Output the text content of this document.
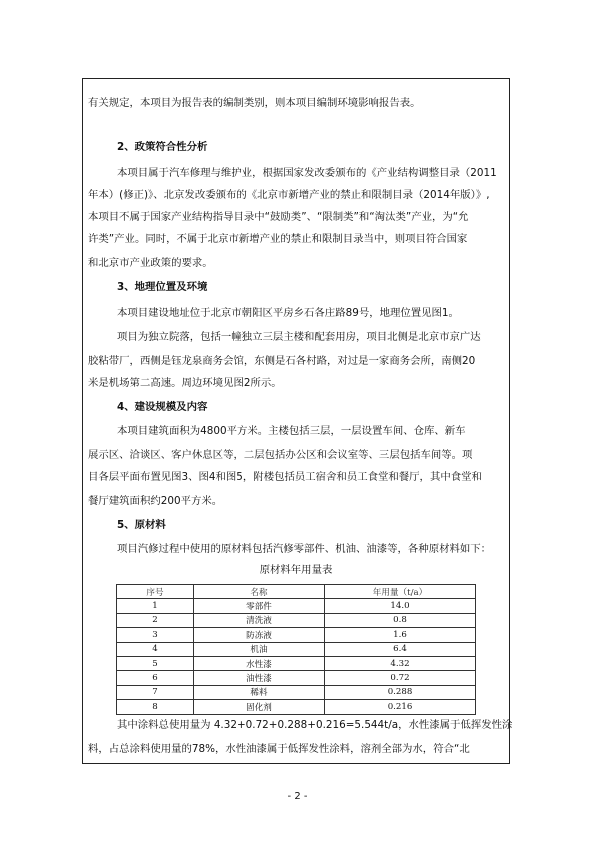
有关规定，本项目为报告表的编制类别，则本项目编制环境影响报告表。
2、政策符合性分析
本项目属于汽车修理与维护业，根据国家发改委颁布的《产业结构调整目录（2011
年本）(修正)》、北京发改委颁布的《北京市新增产业的禁止和限制目录（2014年版）》,
本项目不属于国家产业结构指导目录中“鼓励类”、“限制类”和“淘汰类”产业，为“允
许类”产业。同时，不属于北京市新增产业的禁止和限制目录当中，则项目符合国家
和北京市产业政策的要求。
3、地理位置及环境
本项目建设地址位于北京市朝阳区平房乡石各庄路89号，地理位置见图1。
项目为独立院落，包括一幢独立三层主楼和配套用房，项目北侧是北京市京广达
胶粘带厂，西侧是钰龙泉商务会馆，东侧是石各村路，对过是一家商务会所，南侧20
米是机场第二高速。周边环境见图2所示。
4、建设规模及内容
本项目建筑面积为4800平方米。主楼包括三层，一层设置车间、仓库、新车
展示区、洽谈区、客户休息区等，二层包括办公区和会议室等、三层包括车间等。项
目各层平面布置见图3、图4和图5，附楼包括员工宿舍和员工食堂和餐厅，其中食堂和
餐厅建筑面积约200平方米。
5、原材料
项目汽修过程中使用的原材料包括汽修零部件、机油、油漆等，各种原材料如下：
原材料年用量表
序号	名称	年用量（t/a）
1	零部件	14.0
2	清洗液	0.8
3	防冻液	1.6
4	机油	6.4
5	水性漆	4.32
6	油性漆	0.72
7	稀料	0.288
8	固化剂	0.216
其中涂料总使用量为 4.32+0.72+0.288+0.216=5.544t/a，水性漆属于低挥发性涂
料，占总涂料使用量的78%，水性油漆属于低挥发性涂料，溶剂全部为水，符合“北
- 2 -
